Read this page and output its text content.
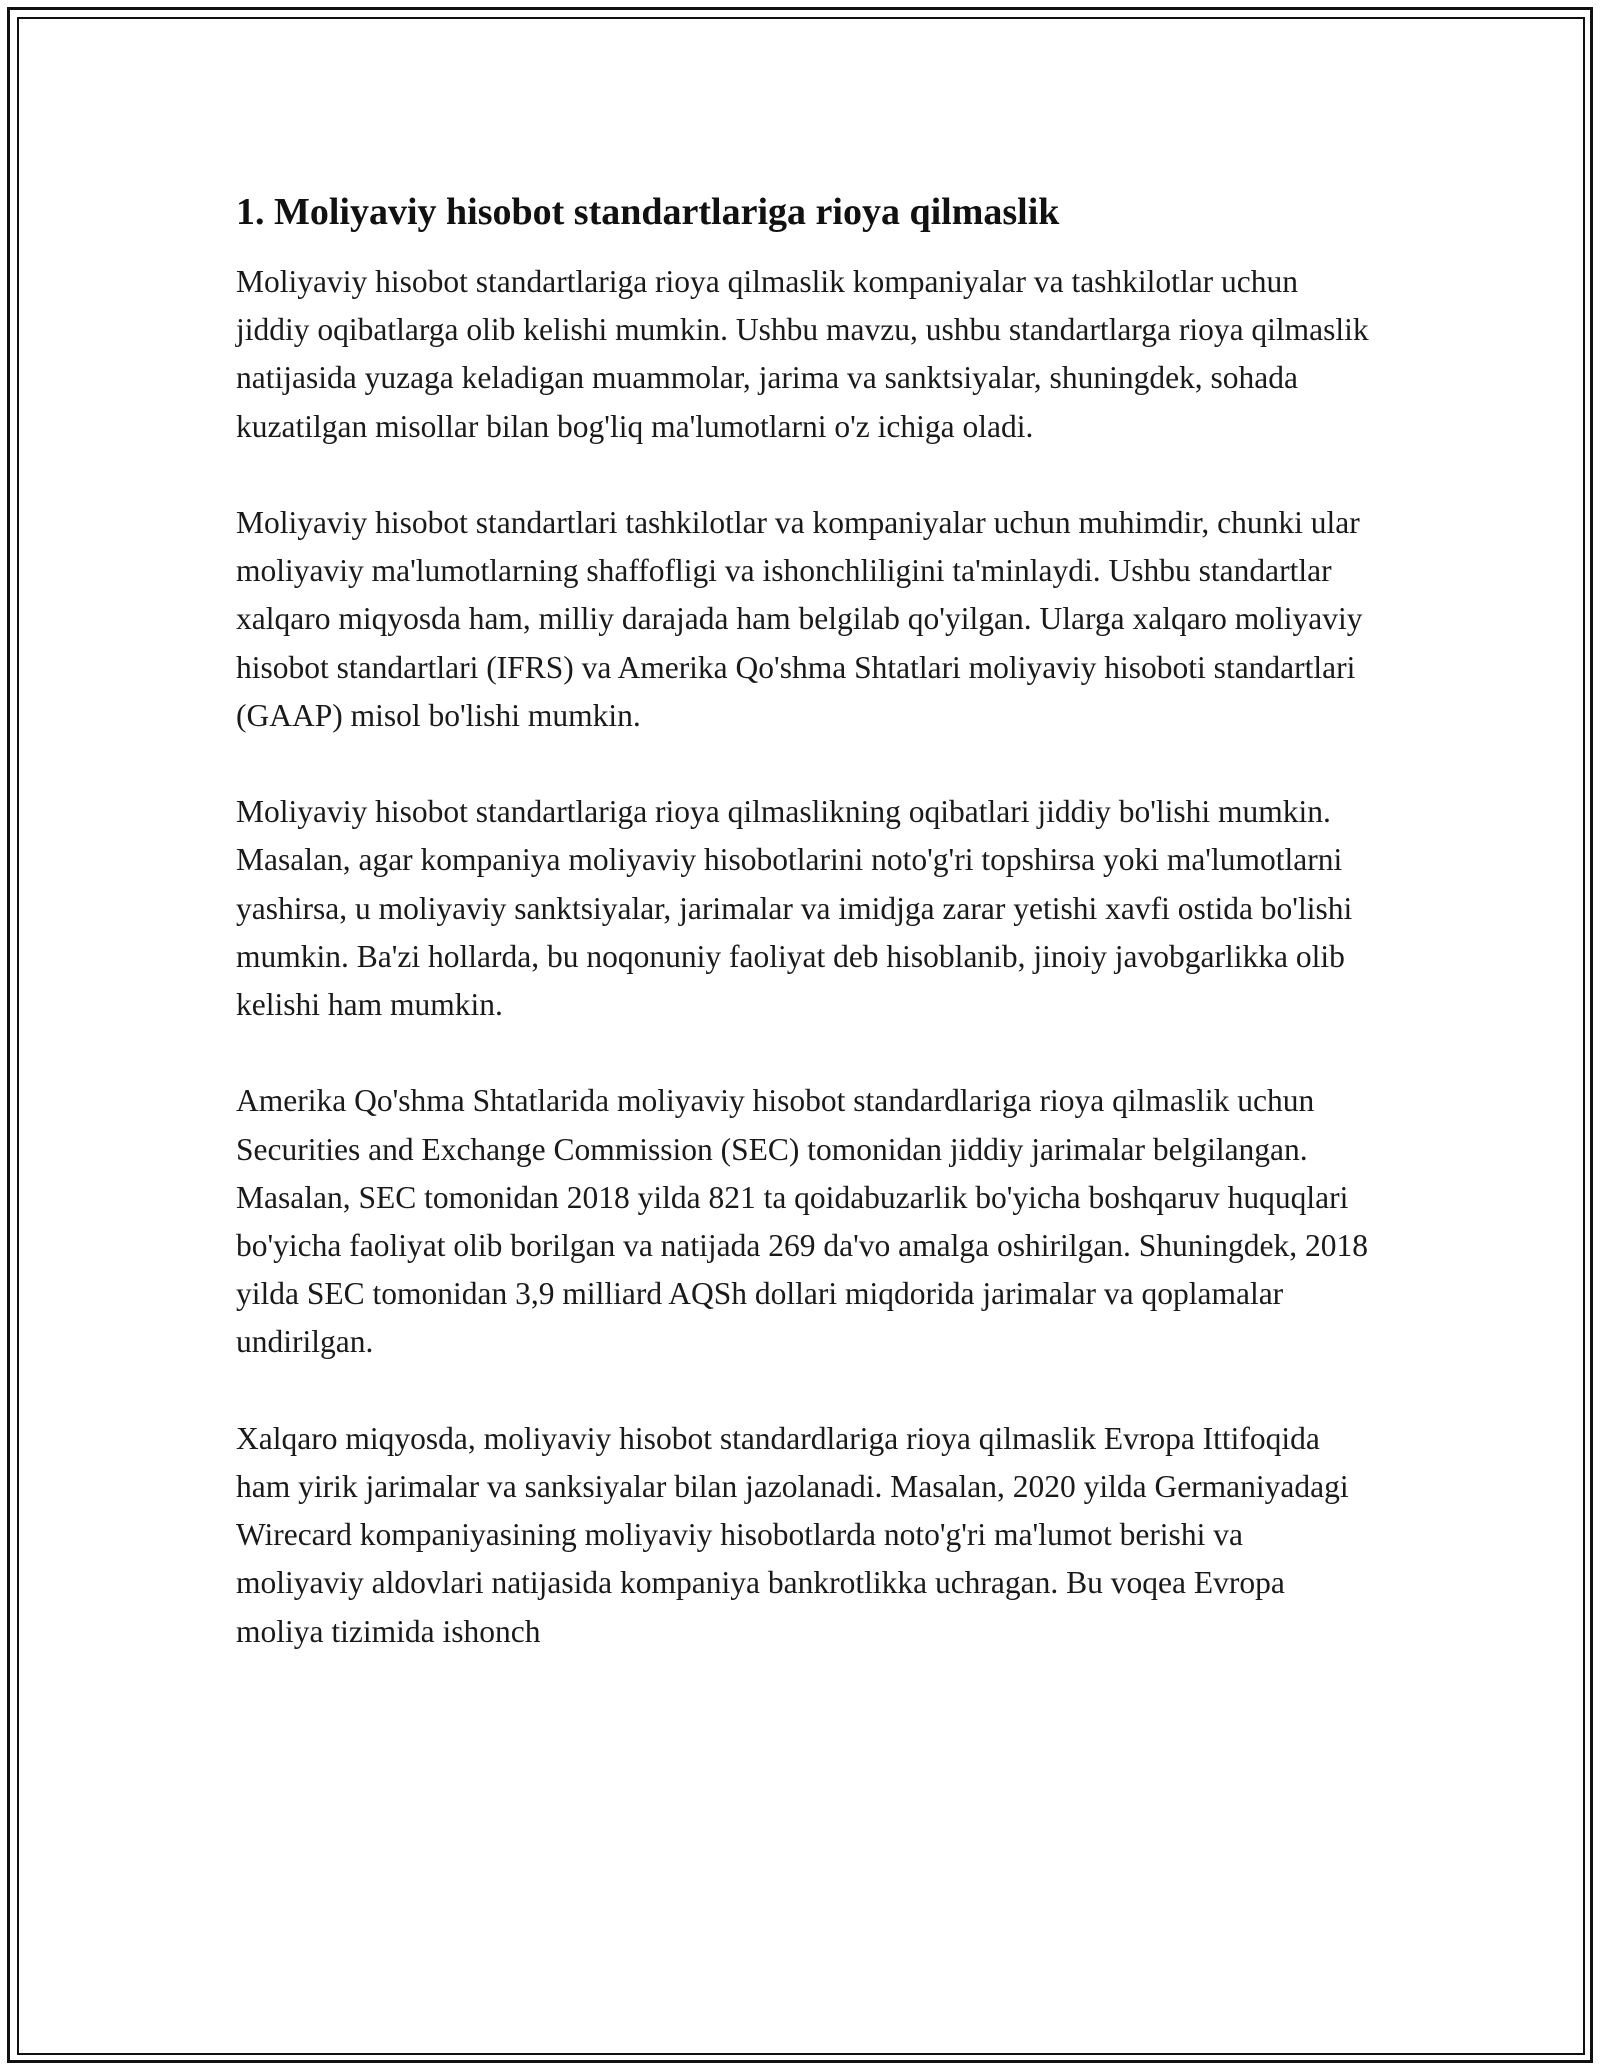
1. Moliyaviy hisobot standartlariga rioya qilmaslik

Moliyaviy hisobot standartlariga rioya qilmaslik kompaniyalar va tashkilotlar uchun jiddiy oqibatlarga olib kelishi mumkin. Ushbu mavzu, ushbu standartlarga rioya qilmaslik natijasida yuzaga keladigan muammolar, jarima va sanktsiyalar, shuningdek, sohada kuzatilgan misollar bilan bog'liq ma'lumotlarni o'z ichiga oladi.

Moliyaviy hisobot standartlari tashkilotlar va kompaniyalar uchun muhimdir, chunki ular moliyaviy ma'lumotlarning shaffofligi va ishonchliligini ta'minlaydi. Ushbu standartlar xalqaro miqyosda ham, milliy darajada ham belgilab qo'yilgan. Ularga xalqaro moliyaviy hisobot standartlari (IFRS) va Amerika Qo'shma Shtatlari moliyaviy hisoboti standartlari (GAAP) misol bo'lishi mumkin.

Moliyaviy hisobot standartlariga rioya qilmaslikning oqibatlari jiddiy bo'lishi mumkin. Masalan, agar kompaniya moliyaviy hisobotlarini noto'g'ri topshirsa yoki ma'lumotlarni yashirsa, u moliyaviy sanktsiyalar, jarimalar va imidjga zarar yetishi xavfi ostida bo'lishi mumkin. Ba'zi hollarda, bu noqonuniy faoliyat deb hisoblanib, jinoiy javobgarlikka olib kelishi ham mumkin.

Amerika Qo'shma Shtatlarida moliyaviy hisobot standardlariga rioya qilmaslik uchun Securities and Exchange Commission (SEC) tomonidan jiddiy jarimalar belgilangan. Masalan, SEC tomonidan 2018 yilda 821 ta qoidabuzarlik bo'yicha boshqaruv huquqlari bo'yicha faoliyat olib borilgan va natijada 269 da'vo amalga oshirilgan. Shuningdek, 2018 yilda SEC tomonidan 3,9 milliard AQSh dollari miqdorida jarimalar va qoplamalar undirilgan.

Xalqaro miqyosda, moliyaviy hisobot standardlariga rioya qilmaslik Evropa Ittifoqida ham yirik jarimalar va sanksiyalar bilan jazolanadi. Masalan, 2020 yilda Germaniyadagi Wirecard kompaniyasining moliyaviy hisobotlarda noto'g'ri ma'lumot berishi va moliyaviy aldovlari natijasida kompaniya bankrotlikka uchragan. Bu voqea Evropa moliya tizimida ishonch
